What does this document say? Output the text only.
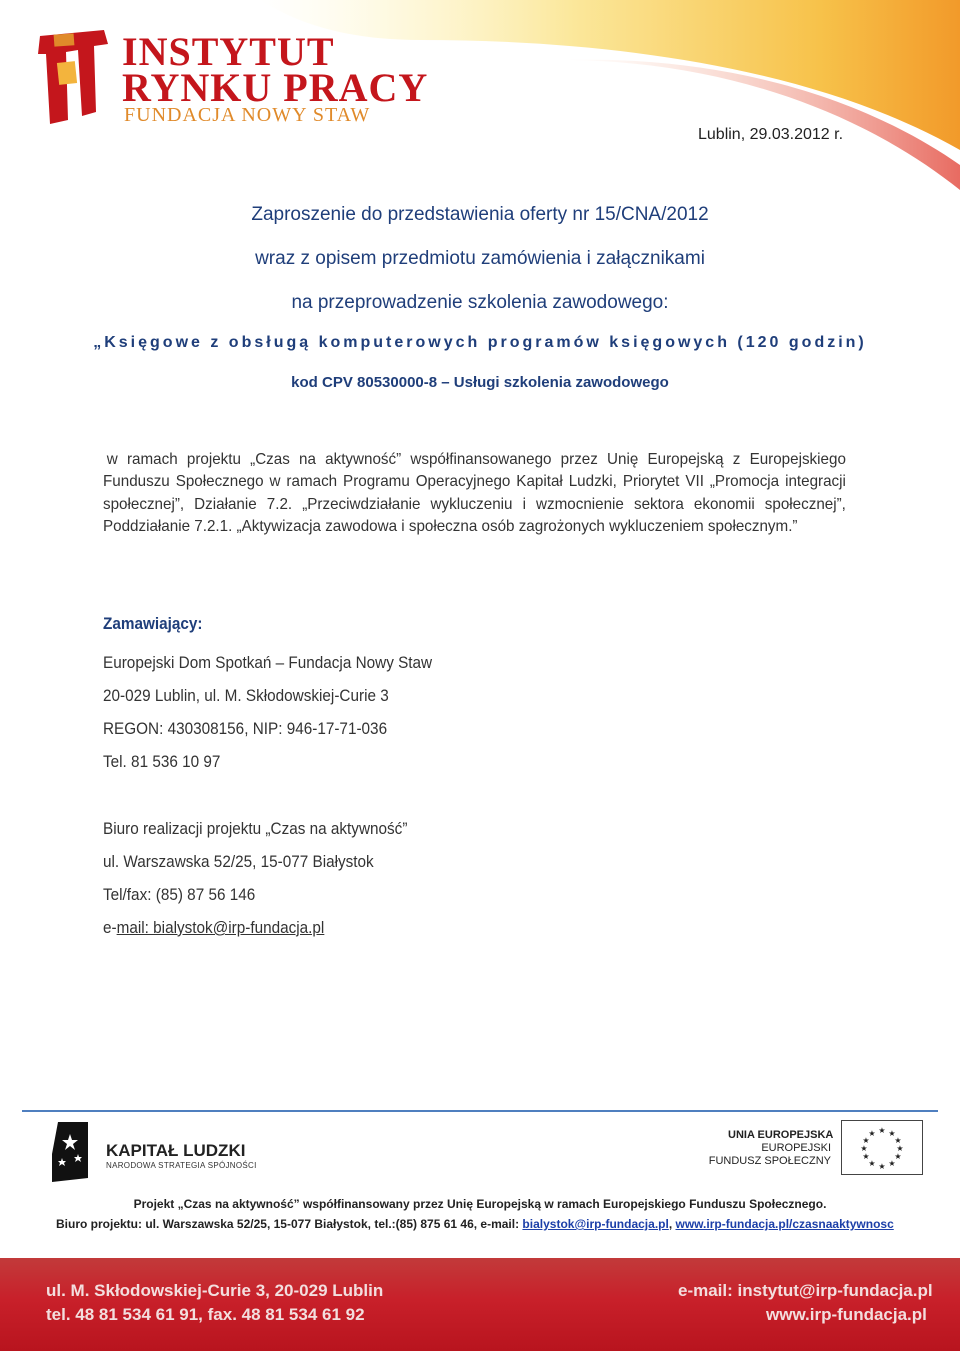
INSTYTUT
RYNKU PRACY
FUNDACJA NOWY STAW
Lublin, 29.03.2012 r.
Zaproszenie do przedstawienia oferty nr 15/CNA/2012
wraz z opisem przedmiotu zamówienia i załącznikami
na przeprowadzenie szkolenia zawodowego:
„Księgowe z obsługą komputerowych programów księgowych (120 godzin)
kod CPV 80530000-8 – Usługi szkolenia zawodowego
w ramach projektu „Czas na aktywność” współfinansowanego przez Unię Europejską z Europejskiego Funduszu Społecznego w ramach Programu Operacyjnego Kapitał Ludzki, Priorytet VII „Promocja integracji społecznej”, Działanie 7.2. „Przeciwdziałanie wykluczeniu i wzmocnienie sektora ekonomii społecznej”, Poddziałanie 7.2.1. „Aktywizacja zawodowa i społeczna osób zagrożonych wykluczeniem społecznym.”
Zamawiający:
Europejski Dom Spotkań – Fundacja Nowy Staw
20-029 Lublin, ul. M. Skłodowskiej-Curie 3
REGON: 430308156, NIP: 946-17-71-036
Tel. 81 536 10 97
Biuro realizacji projektu „Czas na aktywność”
ul. Warszawska 52/25, 15-077 Białystok
Tel/fax: (85) 87 56 146
e-mail: bialystok@irp-fundacja.pl
KAPITAŁ LUDZKI
NARODOWA STRATEGIA SPÓJNOŚCI
UNIA EUROPEJSKA
EUROPEJSKI
FUNDUSZ SPOŁECZNY
★ ★
★
★
★
★
★
★
★
★
★
★
Projekt „Czas na aktywność” współfinansowany przez Unię Europejską w ramach Europejskiego Funduszu Społecznego.
Biuro projektu: ul. Warszawska 52/25, 15-077 Białystok, tel.:(85) 875 61 46, e-mail: bialystok@irp-fundacja.pl, www.irp-fundacja.pl/czasnaaktywnosc
ul. M. Skłodowskiej-Curie 3, 20-029 Lublin
tel. 48 81 534 61 91, fax. 48 81 534 61 92
e-mail: instytut@irp-fundacja.pl
www.irp-fundacja.pl
